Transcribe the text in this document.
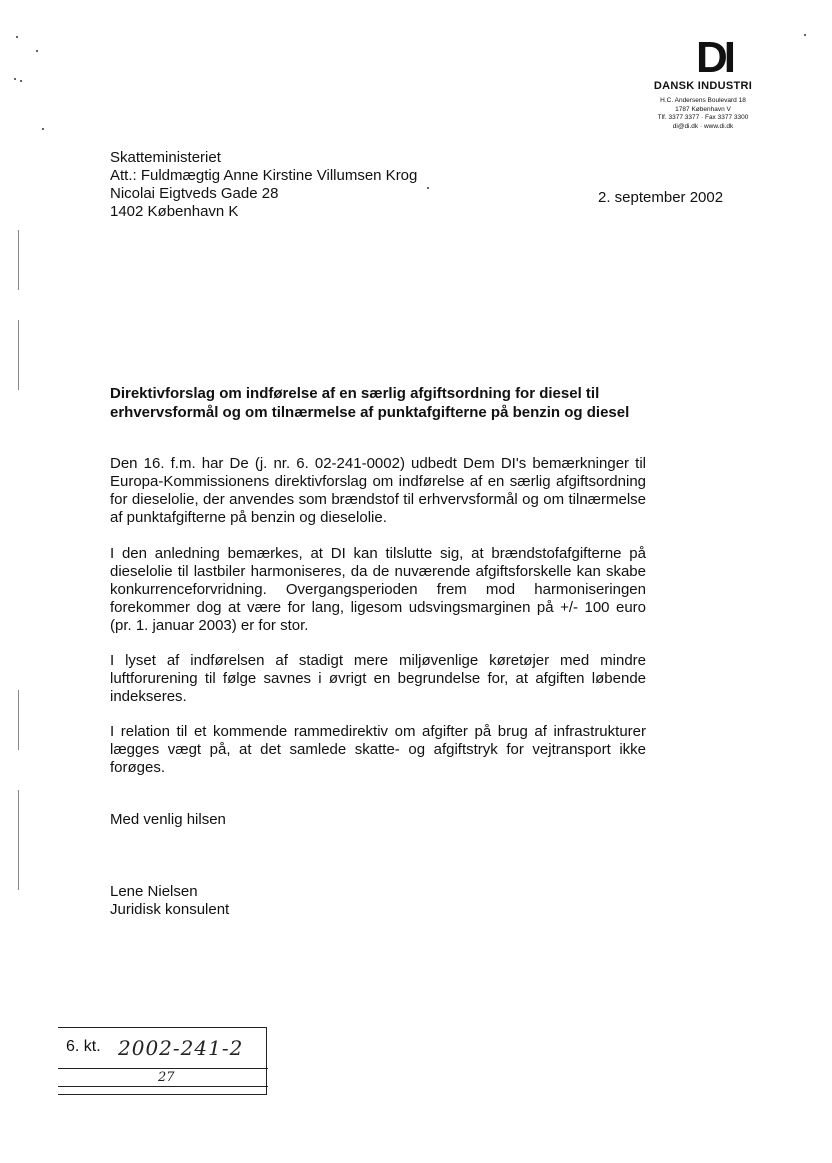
DI
DANSK INDUSTRI
H.C. Andersens Boulevard 18
1787 København V
Tlf. 3377 3377 · Fax 3377 3300
di@di.dk · www.di.dk
Skatteministeriet
Att.: Fuldmægtig Anne Kirstine Villumsen Krog
Nicolai Eigtveds Gade 28
1402 København K
2. september 2002
Direktivforslag om indførelse af en særlig afgiftsordning for diesel til erhvervsformål og om tilnærmelse af punktafgifterne på benzin og diesel
Den 16. f.m. har De (j. nr. 6. 02-241-0002) udbedt Dem DI's bemærkninger til Europa-Kommissionens direktivforslag om indførelse af en særlig afgiftsordning for dieselolie, der anvendes som brændstof til erhvervsformål og om tilnærmelse af punktafgifterne på benzin og dieselolie.
I den anledning bemærkes, at DI kan tilslutte sig, at brændstofafgifterne på dieselolie til lastbiler harmoniseres, da de nuværende afgiftsforskelle kan skabe konkurrenceforvridning. Overgangsperioden frem mod harmoniseringen forekommer dog at være for lang, ligesom udsvingsmarginen på +/- 100 euro (pr. 1. januar 2003) er for stor.
I lyset af indførelsen af stadigt mere miljøvenlige køretøjer med mindre luftforurening til følge savnes i øvrigt en begrundelse for, at afgiften løbende indekseres.
I relation til et kommende rammedirektiv om afgifter på brug af infrastrukturer lægges vægt på, at det samlede skatte- og afgiftstryk for vejtransport ikke forøges.
Med venlig hilsen
Lene Nielsen
Juridisk konsulent
6. kt. 2002-241-2
27
